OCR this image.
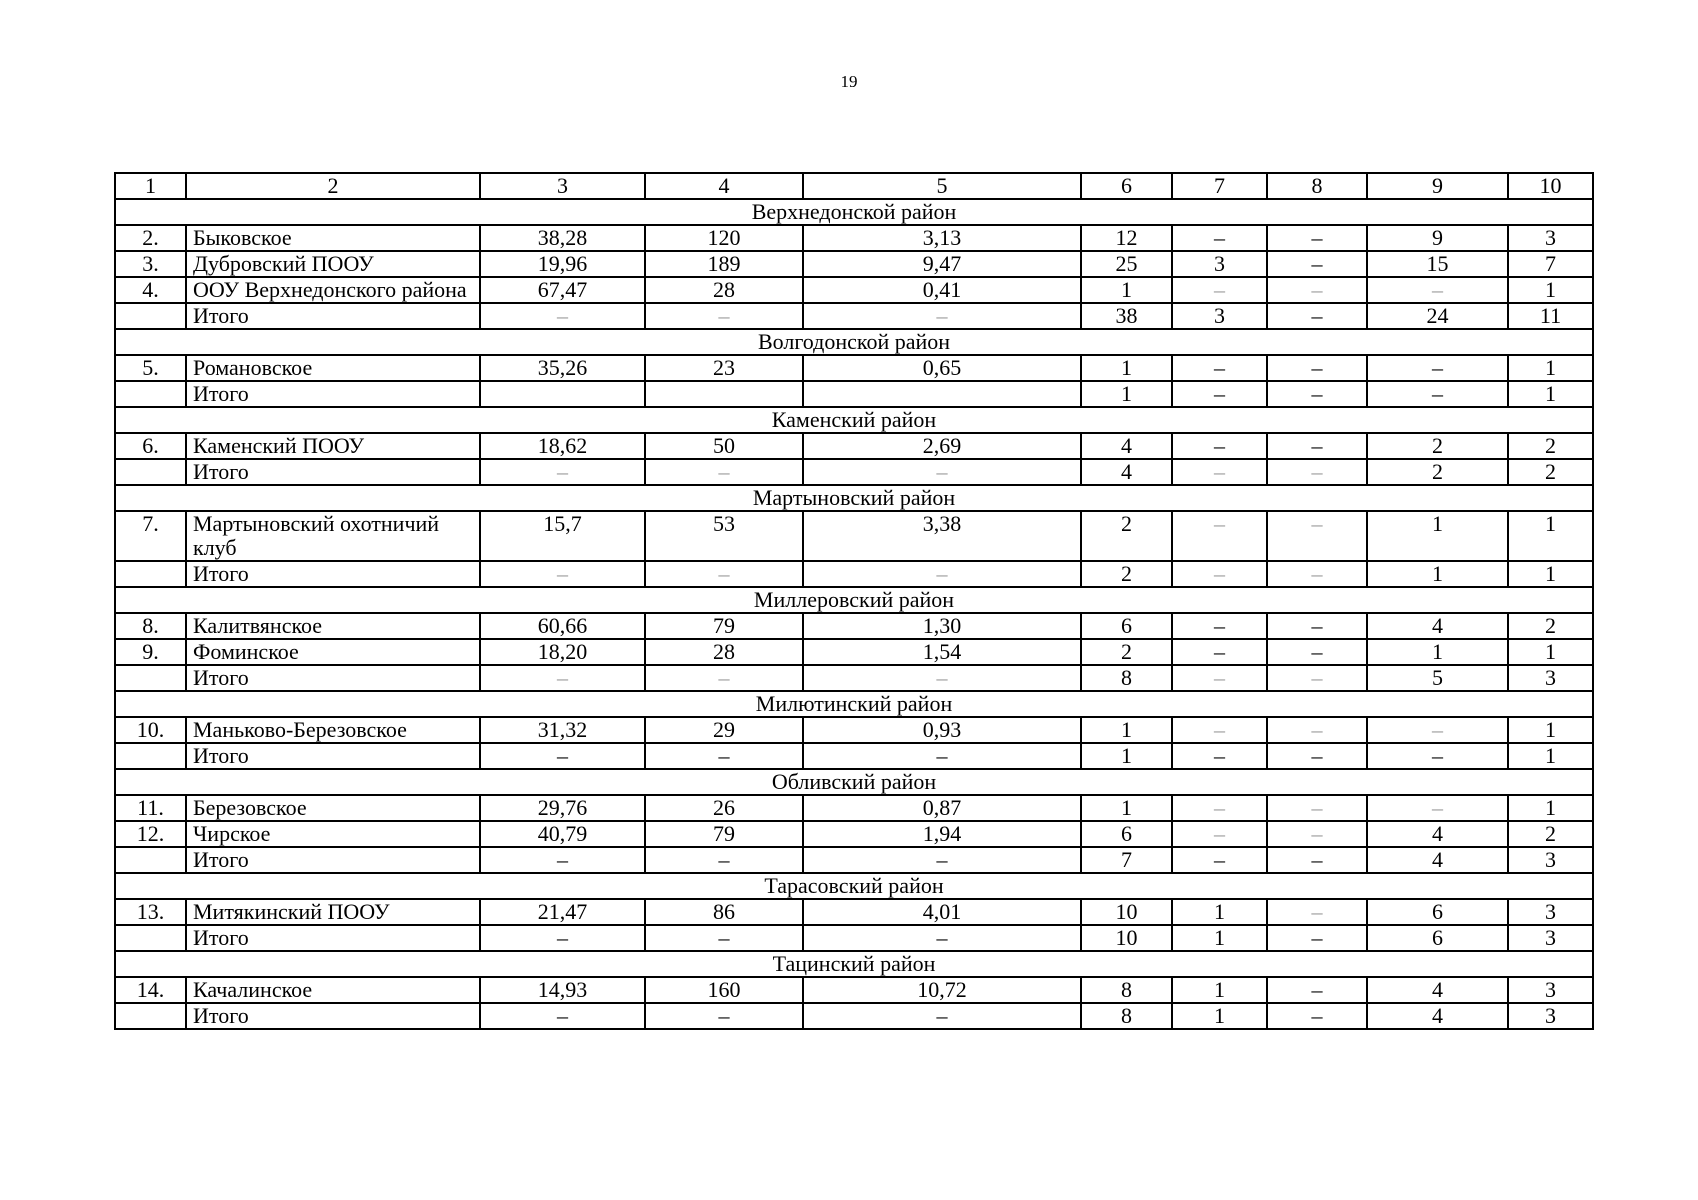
19
1	2	3	4	5	6	7	8	9	10
Верхнедонской район									
2.	Быковское	38,28	120	3,13	12	–	–	9	3
3.	Дубровский ПООУ	19,96	189	9,47	25	3	–	15	7
4.	ООУ Верхнедонского района	67,47	28	0,41	1	–	–	–	1
	Итого	–	–	–	38	3	–	24	11
Волгодонской район									
5.	Романовское	35,26	23	0,65	1	–	–	–	1
	Итого				1	–	–	–	1
Каменский район									
6.	Каменский ПООУ	18,62	50	2,69	4	–	–	2	2
	Итого	–	–	–	4	–	–	2	2
Мартыновский район									
7.	Мартыновский охотничий клуб	15,7	53	3,38	2	–	–	1	1
	Итого	–	–	–	2	–	–	1	1
Миллеровский район									
8.	Калитвянское	60,66	79	1,30	6	–	–	4	2
9.	Фоминское	18,20	28	1,54	2	–	–	1	1
	Итого	–	–	–	8	–	–	5	3
Милютинский район									
10.	Маньково-Березовское	31,32	29	0,93	1	–	–	–	1
	Итого	–	–	–	1	–	–	–	1
Обливский район									
11.	Березовское	29,76	26	0,87	1	–	–	–	1
12.	Чирское	40,79	79	1,94	6	–	–	4	2
	Итого	–	–	–	7	–	–	4	3
Тарасовский район									
13.	Митякинский ПООУ	21,47	86	4,01	10	1	–	6	3
	Итого	–	–	–	10	1	–	6	3
Тацинский район									
14.	Качалинское	14,93	160	10,72	8	1	–	4	3
	Итого	–	–	–	8	1	–	4	3
